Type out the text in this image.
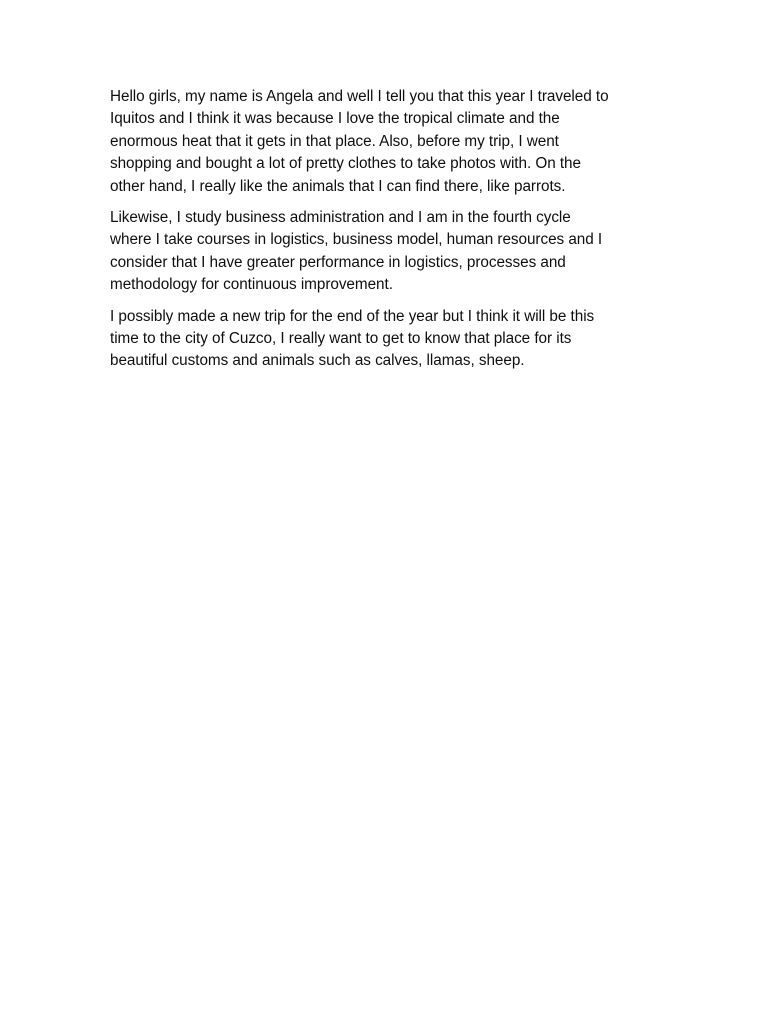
Hello girls, my name is Angela and well I tell you that this year I traveled to
Iquitos and I think it was because I love the tropical climate and the
enormous heat that it gets in that place. Also, before my trip, I went
shopping and bought a lot of pretty clothes to take photos with. On the
other hand, I really like the animals that I can find there, like parrots.

Likewise, I study business administration and I am in the fourth cycle
where I take courses in logistics, business model, human resources and I
consider that I have greater performance in logistics, processes and
methodology for continuous improvement.

I possibly made a new trip for the end of the year but I think it will be this
time to the city of Cuzco, I really want to get to know that place for its
beautiful customs and animals such as calves, llamas, sheep.
